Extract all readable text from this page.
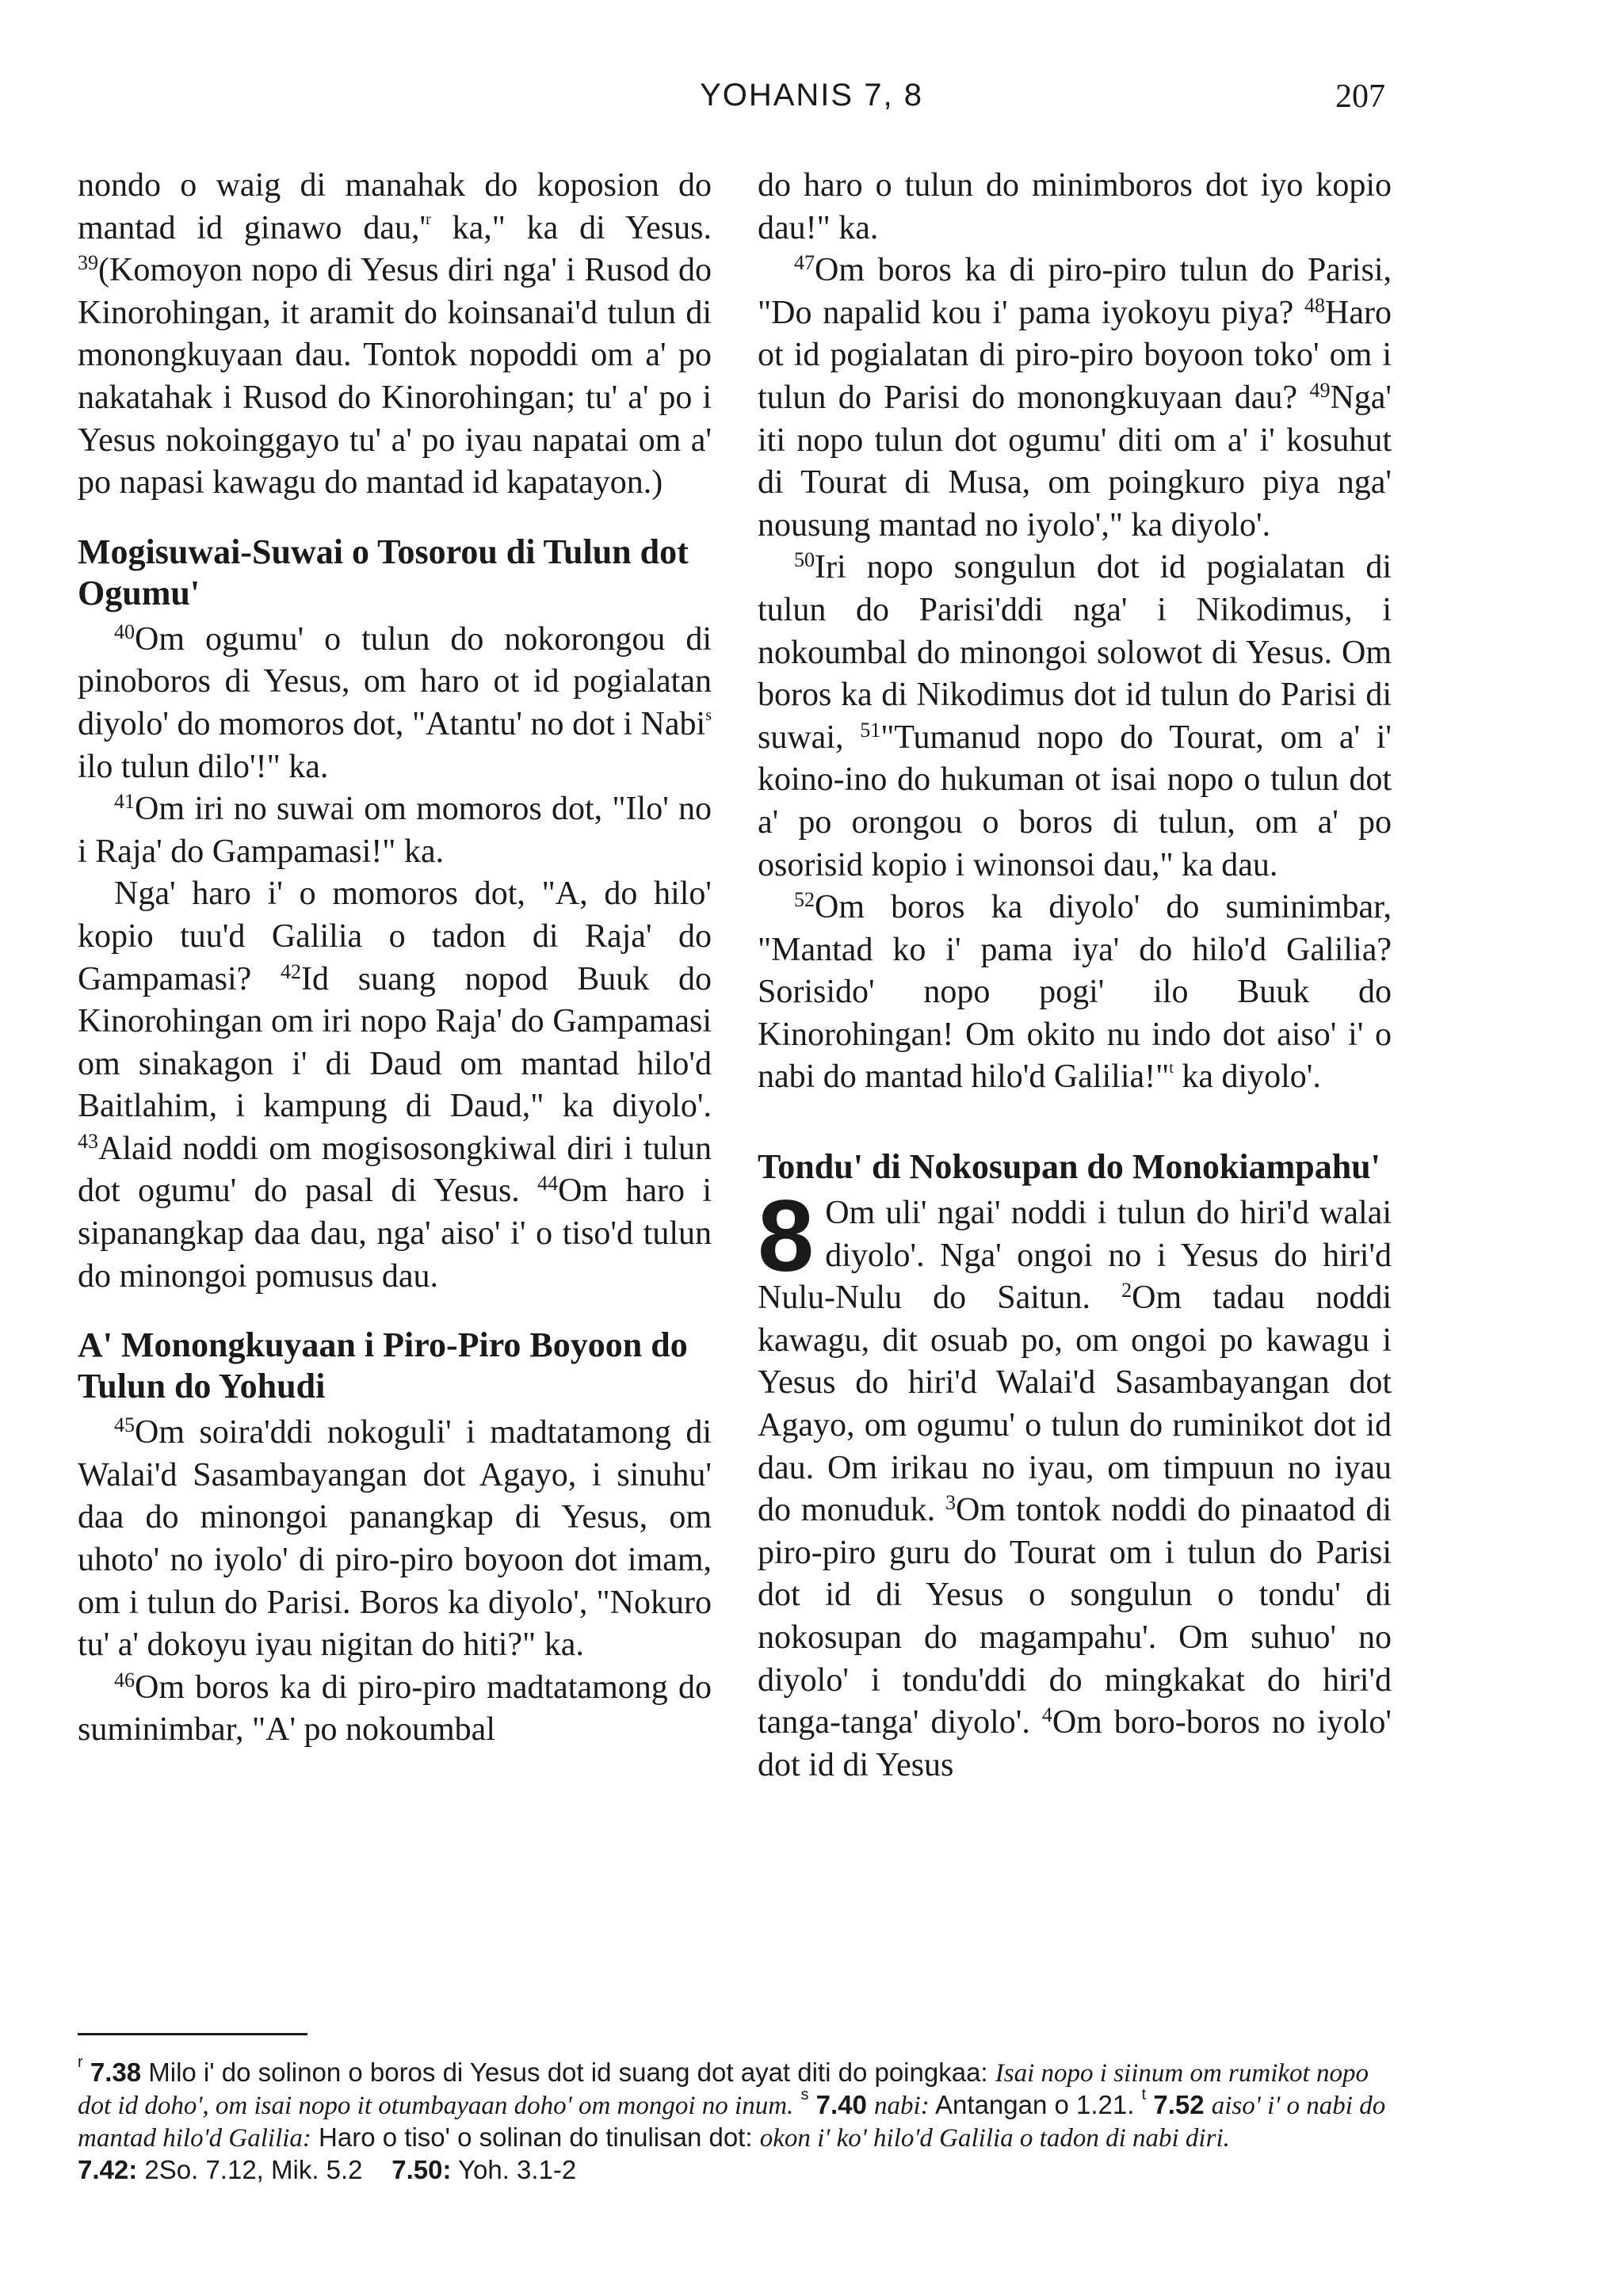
YOHANIS 7, 8	207

nondo o waig di manahak do koposion do mantad id ginawo dau,'$^r$ ka," ka di Yesus. $^{39}$(Komoyon nopo di Yesus diri nga' i Rusod do Kinorohingan, it aramit do koinsanai'd tulun di monongkuyaan dau. Tontok nopoddi om a' po nakatahak i Rusod do Kinorohingan; tu' a' po i Yesus nokoinggayo tu' a' po iyau napatai om a' po napasi kawagu do mantad id kapatayon.)

Mogisuwai-Suwai o Tosorou di Tulun dot Ogumu'

$^{40}$Om ogumu' o tulun do nokorongou di pinoboros di Yesus, om haro ot id pogialatan diyolo' do momoros dot, "Atantu' no dot i Nabi$^s$ ilo tulun dilo'!" ka.

$^{41}$Om iri no suwai om momoros dot, "Ilo' no i Raja' do Gampamasi!" ka.

Nga' haro i' o momoros dot, "A, do hilo' kopio tuu'd Galilia o tadon di Raja' do Gampamasi? $^{42}$Id suang nopod Buuk do Kinorohingan om iri nopo Raja' do Gampamasi om sinakagon i' di Daud om mantad hilo'd Baitlahim, i kampung di Daud," ka diyolo'. $^{43}$Alaid noddi om mogisosongkiwal diri i tulun dot ogumu' do pasal di Yesus. $^{44}$Om haro i sipanangkap daa dau, nga' aiso' i' o tiso'd tulun do minongoi pomusus dau.

A' Monongkuyaan i Piro-Piro Boyoon do Tulun do Yohudi

$^{45}$Om soira'ddi nokoguli' i madtatamong di Walai'd Sasambayangan dot Agayo, i sinuhu' daa do minongoi panangkap di Yesus, om uhoto' no iyolo' di piro-piro boyoon dot imam, om i tulun do Parisi. Boros ka diyolo', "Nokuro tu' a' dokoyu iyau nigitan do hiti?" ka.

$^{46}$Om boros ka di piro-piro madtatamong do suminimbar, "A' po nokoumbal

do haro o tulun do minimboros dot iyo kopio dau!" ka.

$^{47}$Om boros ka di piro-piro tulun do Parisi, "Do napalid kou i' pama iyokoyu piya? $^{48}$Haro ot id pogialatan di piro-piro boyoon toko' om i tulun do Parisi do monongkuyaan dau? $^{49}$Nga' iti nopo tulun dot ogumu' diti om a' i' kosuhut di Tourat di Musa, om poingkuro piya nga' nousung mantad no iyolo'," ka diyolo'.

$^{50}$Iri nopo songulun dot id pogialatan di tulun do Parisi'ddi nga' i Nikodimus, i nokoumbal do minongoi solowot di Yesus. Om boros ka di Nikodimus dot id tulun do Parisi di suwai, $^{51}$"Tumanud nopo do Tourat, om a' i' koino-ino do hukuman ot isai nopo o tulun dot a' po orongou o boros di tulun, om a' po osorisid kopio i winonsoi dau," ka dau.

$^{52}$Om boros ka diyolo' do suminimbar, "Mantad ko i' pama iya' do hilo'd Galilia? Sorisido' nopo pogi' ilo Buuk do Kinorohingan! Om okito nu indo dot aiso' i' o nabi do mantad hilo'd Galilia!"$^t$ ka diyolo'.

Tondu' di Nokosupan do Monokiampahu'

8 Om uli' ngai' noddi i tulun do hiri'd walai diyolo'. Nga' ongoi no i Yesus do hiri'd Nulu-Nulu do Saitun. $^2$Om tadau noddi kawagu, dit osuab po, om ongoi po kawagu i Yesus do hiri'd Walai'd Sasambayangan dot Agayo, om ogumu' o tulun do ruminikot dot id dau. Om irikau no iyau, om timpuun no iyau do monuduk. $^3$Om tontok noddi do pinaatod di piro-piro guru do Tourat om i tulun do Parisi dot id di Yesus o songulun o tondu' di nokosupan do magampahu'. Om suhuo' no diyolo' i tondu'ddi do mingkakat do hiri'd tanga-tanga' diyolo'. $^4$Om boro-boros no iyolo' dot id di Yesus

$^r$ 7.38 Milo i' do solinon o boros di Yesus dot id suang dot ayat diti do poingkaa: Isai nopo i siinum om rumikot nopo dot id doho', om isai nopo it otumbayaan doho' om mongoi no inum. $^s$ 7.40 nabi: Antangan o 1.21. $^t$ 7.52 aiso' i' o nabi do mantad hilo'd Galilia: Haro o tiso' o solinan do tinulisan dot: okon i' ko' hilo'd Galilia o tadon di nabi diri.

7.42: 2So. 7.12, Mik. 5.2 7.50: Yoh. 3.1-2
